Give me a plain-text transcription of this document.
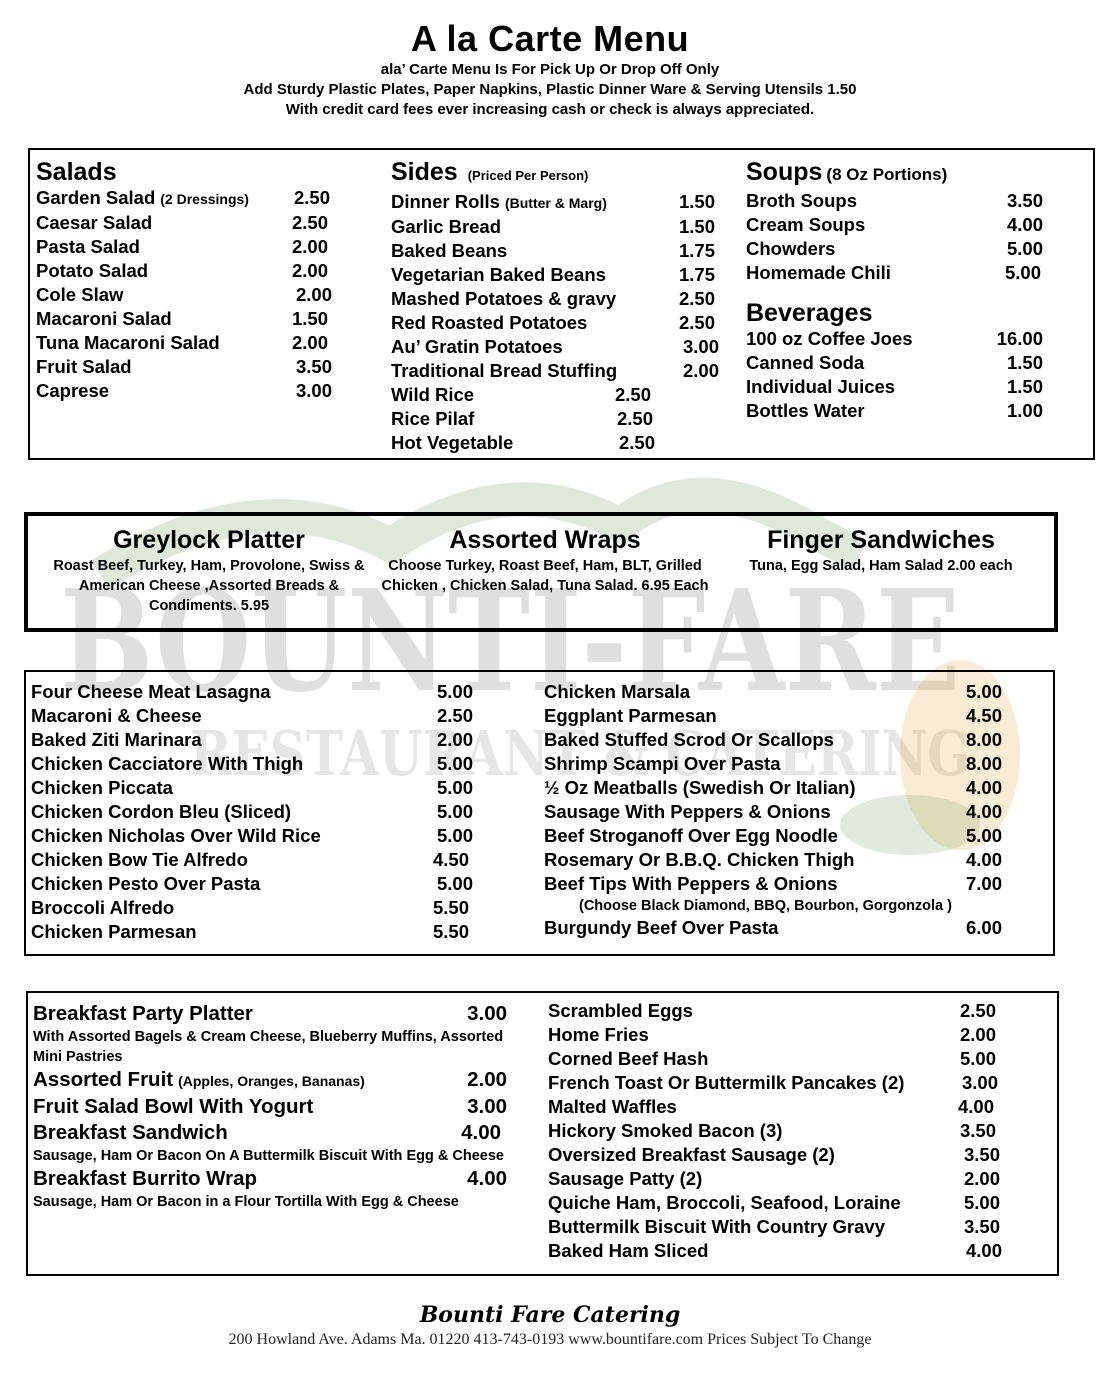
BOUNTI-FARE
RESTAURANT & CATERING
A la Carte Menu
ala’ Carte Menu Is For Pick Up Or Drop Off Only
Add Sturdy Plastic Plates, Paper Napkins, Plastic Dinner Ware & Serving Utensils 1.50
With credit card fees ever increasing cash or check is always appreciated.
Salads
Garden Salad (2 Dressings) 2.50
Caesar Salad	2.50
Pasta Salad	2.00
Potato Salad	2.00
Cole Slaw	2.00
Macaroni Salad	1.50
Tuna Macaroni Salad	2.00
Fruit Salad	3.50
Caprese	3.00
Sides (Priced Per Person)
Dinner Rolls (Butter & Marg)	1.50
Garlic Bread	1.50
Baked Beans	1.75
Vegetarian Baked Beans	1.75
Mashed Potatoes & gravy	2.50
Red Roasted Potatoes	2.50
Au’ Gratin Potatoes	3.00
Traditional Bread Stuffing	2.00
Wild Rice	2.50
Rice Pilaf	2.50
Hot Vegetable	2.50
Soups (8 Oz Portions)
Broth Soups	3.50
Cream Soups	4.00
Chowders	5.00
Homemade Chili	5.00
Beverages
100 oz Coffee Joes	16.00
Canned Soda	1.50
Individual Juices	1.50
Bottles Water	1.00
Greylock Platter
Roast Beef, Turkey, Ham, Provolone, Swiss & American Cheese ,Assorted Breads & Condiments. 5.95
Assorted Wraps
Choose Turkey, Roast Beef, Ham, BLT, Grilled Chicken , Chicken Salad, Tuna Salad. 6.95 Each
Finger Sandwiches
Tuna, Egg Salad, Ham Salad 2.00 each
Four Cheese Meat Lasagna	5.00
Macaroni & Cheese	2.50
Baked Ziti Marinara	2.00
Chicken Cacciatore With Thigh	5.00
Chicken Piccata	5.00
Chicken Cordon Bleu (Sliced)	5.00
Chicken Nicholas Over Wild Rice	5.00
Chicken Bow Tie Alfredo	4.50
Chicken Pesto Over Pasta	5.00
Broccoli Alfredo	5.50
Chicken Parmesan	5.50
Chicken Marsala	5.00
Eggplant Parmesan	4.50
Baked Stuffed Scrod Or Scallops	8.00
Shrimp Scampi Over Pasta	8.00
½ Oz Meatballs (Swedish Or Italian)	4.00
Sausage With Peppers & Onions	4.00
Beef Stroganoff Over Egg Noodle	5.00
Rosemary Or B.B.Q. Chicken Thigh	4.00
Beef Tips With Peppers & Onions	7.00
(Choose Black Diamond, BBQ, Bourbon, Gorgonzola )
Burgundy Beef Over Pasta	6.00
Breakfast Party Platter	3.00
With Assorted Bagels & Cream Cheese, Blueberry Muffins, Assorted Mini Pastries
Assorted Fruit (Apples, Oranges, Bananas)	2.00
Fruit Salad Bowl With Yogurt	3.00
Breakfast Sandwich	4.00
Sausage, Ham Or Bacon On A Buttermilk Biscuit With Egg & Cheese
Breakfast Burrito Wrap	4.00
Sausage, Ham Or Bacon in a Flour Tortilla With Egg & Cheese
Scrambled Eggs	2.50
Home Fries	2.00
Corned Beef Hash	5.00
French Toast Or Buttermilk Pancakes (2)	3.00
Malted Waffles	4.00
Hickory Smoked Bacon (3)	3.50
Oversized Breakfast Sausage (2)	3.50
Sausage Patty (2)	2.00
Quiche Ham, Broccoli, Seafood, Loraine	5.00
Buttermilk Biscuit With Country Gravy	3.50
Baked Ham Sliced	4.00
Bounti Fare Catering
200 Howland Ave. Adams Ma. 01220 413-743-0193 www.bountifare.com Prices Subject To Change
